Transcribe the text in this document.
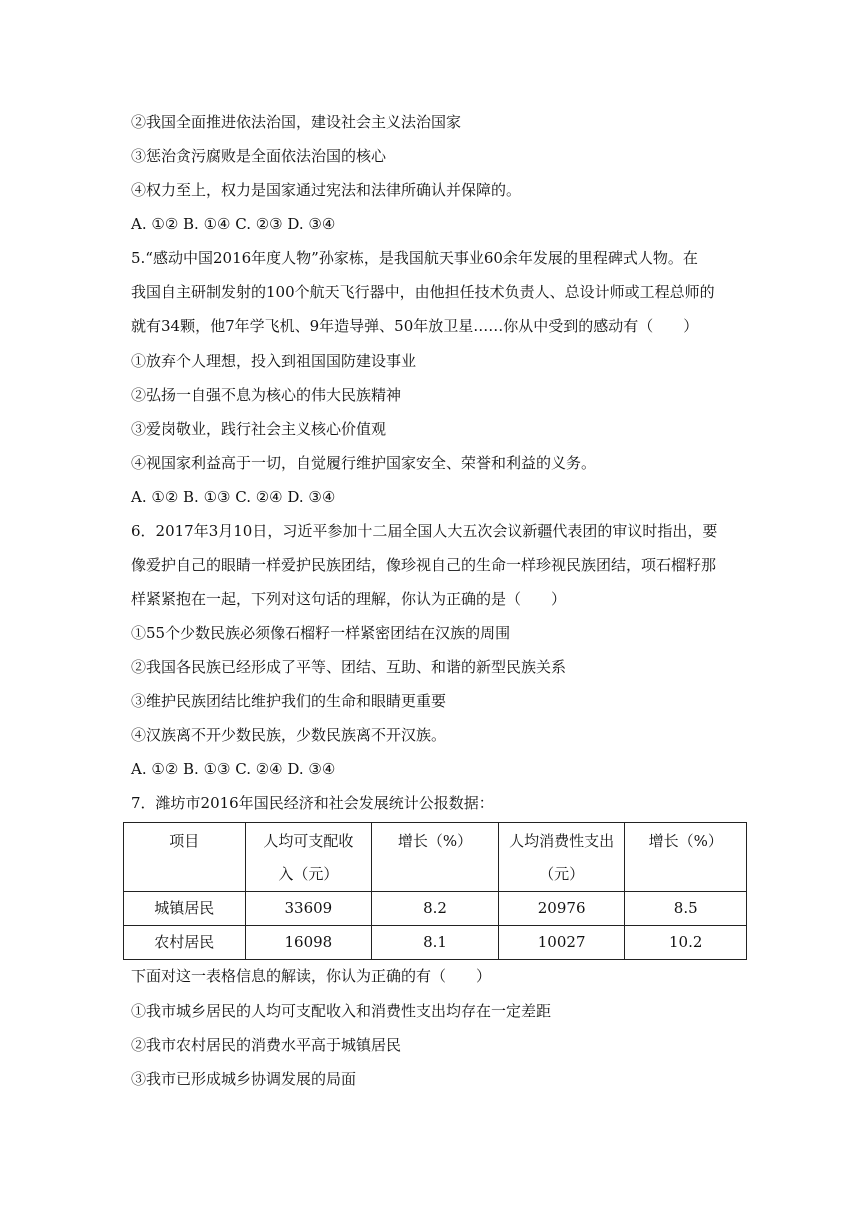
②我国全面推进依法治国，建设社会主义法治国家
③惩治贪污腐败是全面依法治国的核心
④权力至上，权力是国家通过宪法和法律所确认并保障的。
A. ①② B. ①④ C. ②③ D. ③④
5.“感动中国2016年度人物”孙家栋，是我国航天事业60余年发展的里程碑式人物。在
我国自主研制发射的100个航天飞行器中，由他担任技术负责人、总设计师或工程总师的
就有34颗，他7年学飞机、9年造导弹、50年放卫星……你从中受到的感动有（　　）
①放弃个人理想，投入到祖国国防建设事业
②弘扬一自强不息为核心的伟大民族精神
③爱岗敬业，践行社会主义核心价值观
④视国家利益高于一切，自觉履行维护国家安全、荣誉和利益的义务。
A. ①② B. ①③ C. ②④ D. ③④
6．2017年3月10日，习近平参加十二届全国人大五次会议新疆代表团的审议时指出，要
像爱护自己的眼睛一样爱护民族团结，像珍视自己的生命一样珍视民族团结，项石榴籽那
样紧紧抱在一起，下列对这句话的理解，你认为正确的是（　　）
①55个少数民族必须像石榴籽一样紧密团结在汉族的周围
②我国各民族已经形成了平等、团结、互助、和谐的新型民族关系
③维护民族团结比维护我们的生命和眼睛更重要
④汉族离不开少数民族，少数民族离不开汉族。
A. ①② B. ①③ C. ②④ D. ③④
7．潍坊市2016年国民经济和社会发展统计公报数据：
项目	人均可支配收入（元）	增长（%）	人均消费性支出（元）	增长（%）
城镇居民	33609	8.2	20976	8.5
农村居民	16098	8.1	10027	10.2
下面对这一表格信息的解读，你认为正确的有（　　）
①我市城乡居民的人均可支配收入和消费性支出均存在一定差距
②我市农村居民的消费水平高于城镇居民
③我市已形成城乡协调发展的局面
